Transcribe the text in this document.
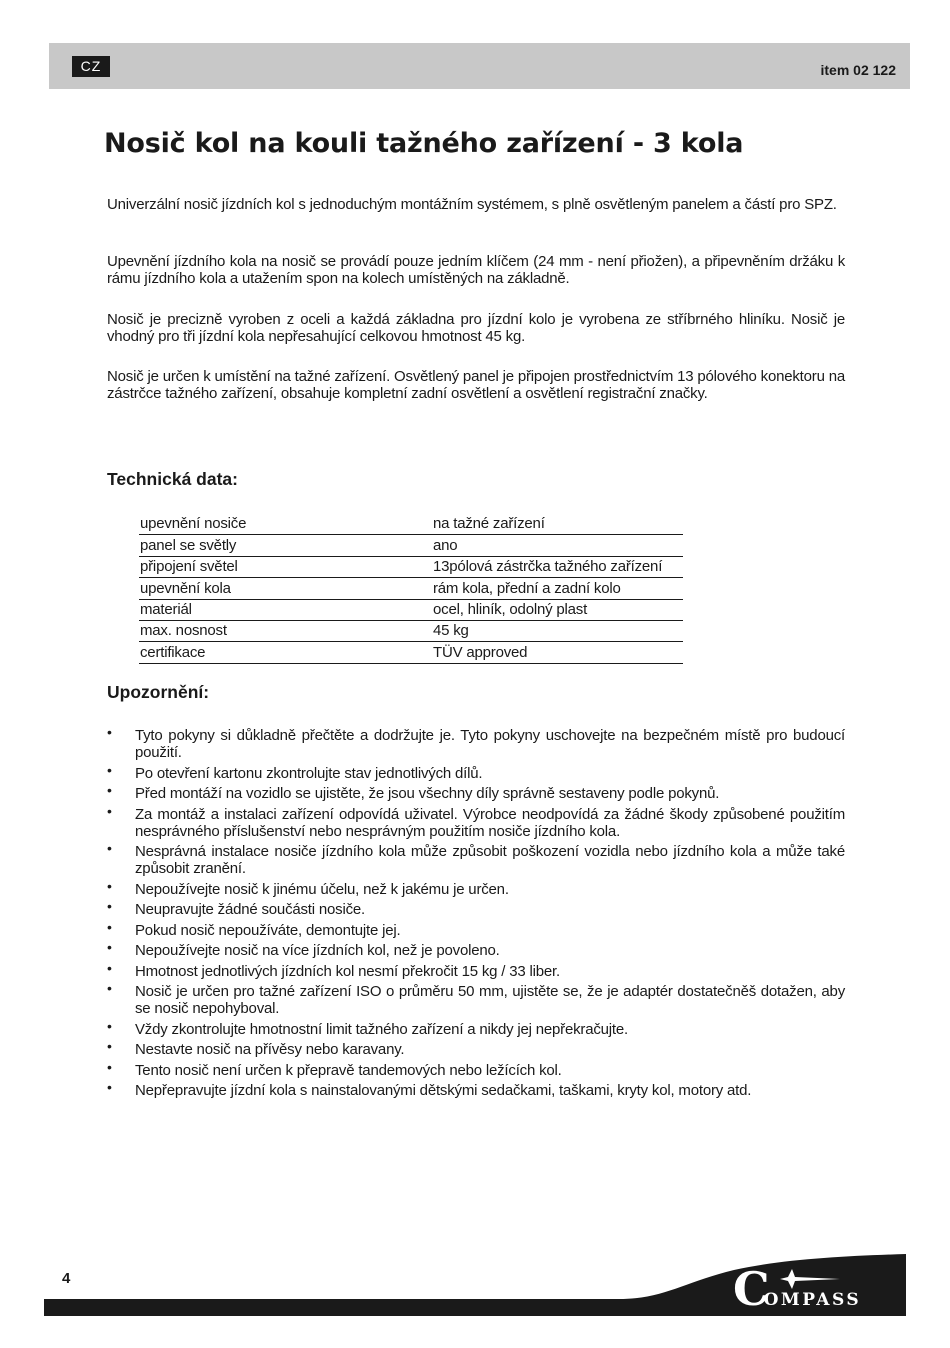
CZ	item 02 122
Nosič kol na kouli tažného zařízení - 3 kola

Univerzální nosič jízdních kol s jednoduchým montážním systémem, s plně osvětleným panelem a částí pro SPZ.

Upevnění jízdního kola na nosič se provádí pouze jedním klíčem (24 mm - není přiožen), a připevněním držáku k rámu jízdního kola a utažením spon na kolech umístěných na základně.

Nosič je precizně vyroben z oceli a každá základna pro jízdní kolo je vyrobena ze stříbrného hliníku. Nosič je vhodný pro tři jízdní kola nepřesahující celkovou hmotnost 45 kg.

Nosič je určen k umístění na tažné zařízení. Osvětlený panel je připojen prostřednictvím 13 pólového konektoru na zástrčce tažného zařízení, obsahuje kompletní zadní osvětlení a osvětlení registrační značky.

Technická data:
upevnění nosiče	na tažné zařízení
panel se světly	ano
připojení světel	13pólová zástrčka tažného zařízení
upevnění kola	rám kola, přední a zadní kolo
materiál	ocel, hliník, odolný plast
max. nosnost	45 kg
certifikace	TÜV approved
Upozornění:
• Tyto pokyny si důkladně přečtěte a dodržujte je. Tyto pokyny uschovejte na bezpečném místě pro budoucí použití.
• Po otevření kartonu zkontrolujte stav jednotlivých dílů.
• Před montáží na vozidlo se ujistěte, že jsou všechny díly správně sestaveny podle pokynů.
• Za montáž a instalaci zařízení odpovídá uživatel. Výrobce neodpovídá za žádné škody způsobené použitím nesprávného příslušenství nebo nesprávným použitím nosiče jízdního kola.
• Nesprávná instalace nosiče jízdního kola může způsobit poškození vozidla nebo jízdního kola a může také způsobit zranění.
• Nepoužívejte nosič k jinému účelu, než k jakému je určen.
• Neupravujte žádné součásti nosiče.
• Pokud nosič nepoužíváte, demontujte jej.
• Nepoužívejte nosič na více jízdních kol, než je povoleno.
• Hmotnost jednotlivých jízdních kol nesmí překročit 15 kg / 33 liber.
• Nosič je určen pro tažné zařízení ISO o průměru 50 mm, ujistěte se, že je adaptér dostatečněš dotažen, aby se nosič nepohyboval.
• Vždy zkontrolujte hmotnostní limit tažného zařízení a nikdy jej nepřekračujte.
• Nestavte nosič na přívěsy nebo karavany.
• Tento nosič není určen k přepravě tandemových nebo ležících kol.
• Nepřepravujte jízdní kola s nainstalovanými dětskými sedačkami, taškami, kryty kol, motory atd.
4	COMPASS
